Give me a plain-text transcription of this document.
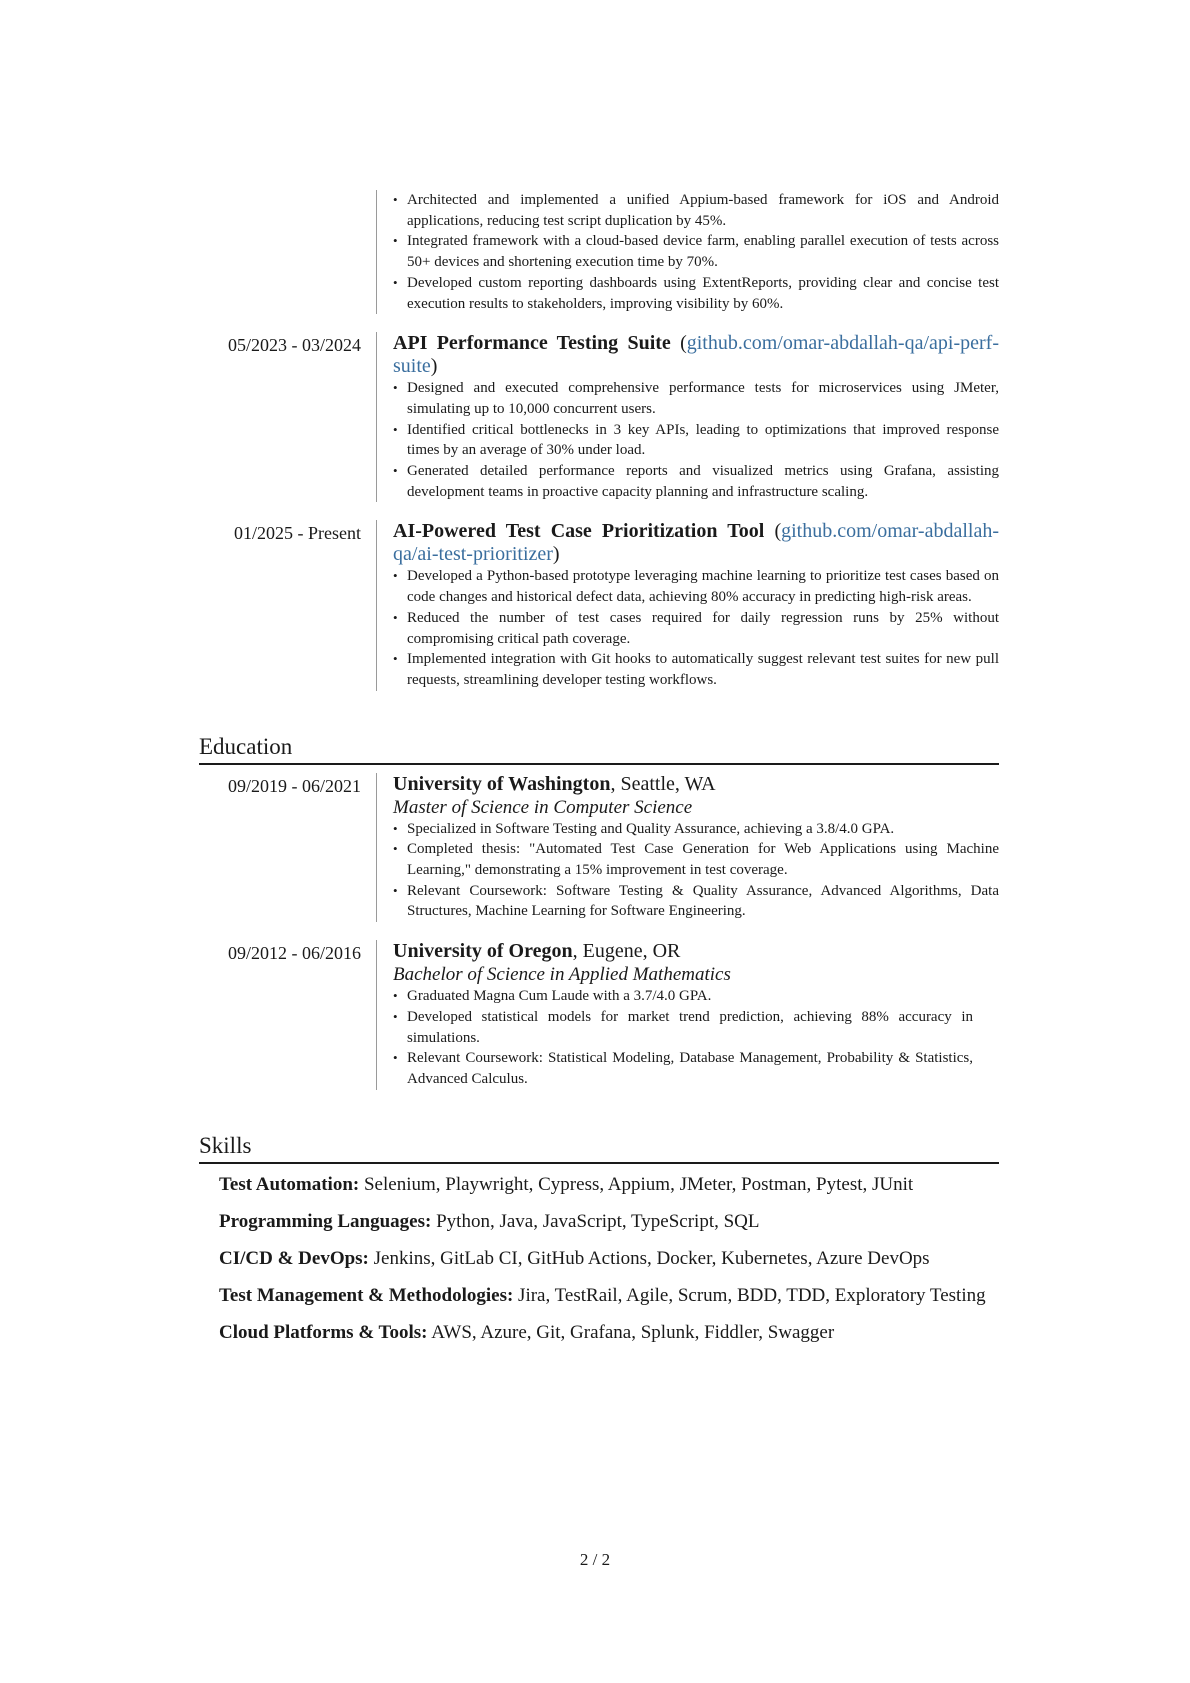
• Architected and implemented a unified Appium-based framework for iOS and Android applications, reducing test script duplication by 45%.
• Integrated framework with a cloud-based device farm, enabling parallel execution of tests across 50+ devices and shortening execution time by 70%.
• Developed custom reporting dashboards using ExtentReports, providing clear and concise test execution results to stakeholders, improving visibility by 60%.
05/2023 - 03/2024	API Performance Testing Suite (github.com/omar-abdallah-qa/api-perf-suite)
• Designed and executed comprehensive performance tests for microservices using JMeter, simulating up to 10,000 concurrent users.
• Identified critical bottlenecks in 3 key APIs, leading to optimizations that improved response times by an average of 30% under load.
• Generated detailed performance reports and visualized metrics using Grafana, assisting development teams in proactive capacity planning and infrastructure scaling.
01/2025 - Present	AI-Powered Test Case Prioritization Tool (github.com/omar-abdallah-qa/ai-test-prioritizer)
• Developed a Python-based prototype leveraging machine learning to prioritize test cases based on code changes and historical defect data, achieving 80% accuracy in predicting high-risk areas.
• Reduced the number of test cases required for daily regression runs by 25% without compromising critical path coverage.
• Implemented integration with Git hooks to automatically suggest relevant test suites for new pull requests, streamlining developer testing workflows.
Education
09/2019 - 06/2021	University of Washington, Seattle, WA
Master of Science in Computer Science
• Specialized in Software Testing and Quality Assurance, achieving a 3.8/4.0 GPA.
• Completed thesis: "Automated Test Case Generation for Web Applications using Machine Learning," demonstrating a 15% improvement in test coverage.
• Relevant Coursework: Software Testing & Quality Assurance, Advanced Algorithms, Data Structures, Machine Learning for Software Engineering.
09/2012 - 06/2016	University of Oregon, Eugene, OR
Bachelor of Science in Applied Mathematics
• Graduated Magna Cum Laude with a 3.7/4.0 GPA.
• Developed statistical models for market trend prediction, achieving 88% accuracy in simulations.
• Relevant Coursework: Statistical Modeling, Database Management, Probability & Statistics, Advanced Calculus.
Skills
Test Automation: Selenium, Playwright, Cypress, Appium, JMeter, Postman, Pytest, JUnit
Programming Languages: Python, Java, JavaScript, TypeScript, SQL
CI/CD & DevOps: Jenkins, GitLab CI, GitHub Actions, Docker, Kubernetes, Azure DevOps
Test Management & Methodologies: Jira, TestRail, Agile, Scrum, BDD, TDD, Exploratory Testing
Cloud Platforms & Tools: AWS, Azure, Git, Grafana, Splunk, Fiddler, Swagger
2 / 2
